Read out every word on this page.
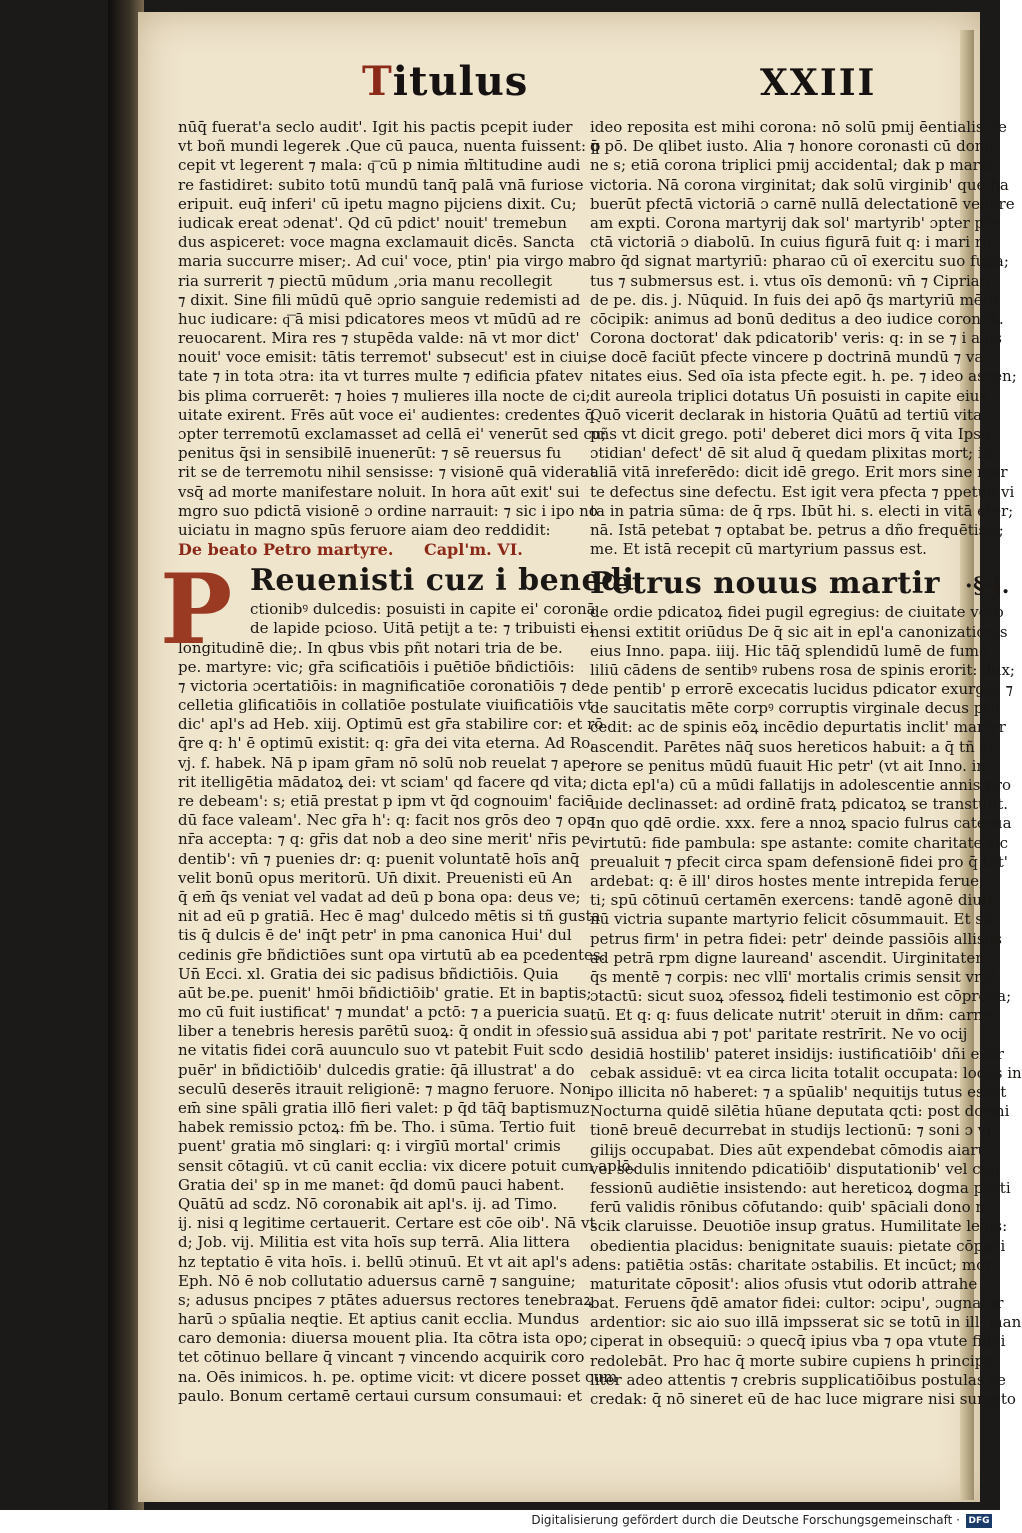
Titulus	XXIII
nūq̄ fuerat'a seclo audit'. Igit his pactis pcepit iuder
vt boñ mundi legerek .Que cū pauca, nuenta fuissent: p
cepit vt legerent ⁊ mala: q͞ cū p nimia m̄ltitudine audi
re fastidiret: subito totū mundū tanq̄ palā vnā furiose
eripuit. euq̄ inferi' cū ipetu magno pijciens dixit. Cu;
iudicak ereat ɔdenat'. Qd cū pdict' nouit' tremebun
dus aspiceret: voce magna exclamauit dicēs. Sancta
maria succurre miser;. Ad cui' voce, ptin' pia virgo ma
ria surrerit ⁊ piectū mūdum ,ɔria manu recollegit
⁊ dixit. Sine fili mūdū quē ɔprio sanguie redemisti ad
huc iudicare: q͞ ā misi pdicatores meos vt mūdū ad re
reuocarent. Mira res ⁊ stupēda valde: nā vt mor dict'
nouit' voce emisit: tātis terremot' subsecut' est in ciui;
tate ⁊ in tota ɔtra: ita vt turres multe ⁊ edificia pfatev
bis plima corruerēt: ⁊ hoies ⁊ mulieres illa nocte de ci;
uitate exirent. Frēs aūt voce ei' audientes: credentes q̄
ɔpter terremotū exclamasset ad cellā ei' venerūt sed cu;
penitus q̄si in sensibilē inuenerūt: ⁊ sē reuersus fu
rit se de terremotu nihil sensisse: ⁊ visionē quā viderat
vsq̄ ad morte manifestare noluit. In hora aūt exit' sui
mgro suo pdictā visionē ɔ ordine narrauit: ⁊ sic i ipo no
uiciatu in magno spūs feruore aiam deo reddidit:
De beato Petro martyre. Capl'm. VI.
P Reuenisti cuz i benedi
ctionibꝰ dulcedis: posuisti in capite ei' coronā
de lapide pcioso. Uitā petijt a te: ⁊ tribuisti ei
longitudinē die;. In qbus vbis pñt notari tria de be.
pe. martyre: vic; gr̄a scificatiōis i puētiōe bñdictiōis:
⁊ victoria ɔcertatiōis: in magnificatiōe coronatiōis ⁊ de
celletia glificatiōis in collatiōe postulate viuificatiōis vt
dic' apl's ad Heb. xiij. Optimū est gr̄a stabilire cor: et rō
q̄re q: h' ē optimū existit: q: gr̄a dei vita eterna. Ad Ro.
vj. f. habek. Nā p ipam gr̄am nō solū nob reuelat ⁊ ape;
rit itelligētia mādatoꝝ dei: vt sciam' qd facere qd vita;
re debeam': s; etiā prestat p ipm vt q̄d cognouim' faciē
dū face valeam'. Nec gr̄a h': q: facit nos grōs deo ⁊ opa
nr̄a accepta: ⁊ q: gr̄is dat nob a deo sine merit' nr̄is pe
dentib': vn̄ ⁊ puenies dr: q: puenit voluntatē hoīs anq̄
velit bonū opus meritorū. Un̄ dixit. Preuenisti eū An
q̄ em̄ q̄s veniat vel vadat ad deū p bona opa: deus ve;
nit ad eū p gratiā. Hec ē mag' dulcedo mētis si tñ gusta
tis q̄ dulcis ē de' inq̄t petr' in pma canonica Hui' dul
cedinis gr̄e bñdictiōes sunt opa virtutū ab ea pcedentes.
Un̄ Ecci. xl. Gratia dei sic padisus bñdictiōis. Quia
aūt be.pe. puenit' hmōi bñdictiōib' gratie. Et in baptis;
mo cū fuit iustificat' ⁊ mundat' a pctō: ⁊ a puericia sua
liber a tenebris heresis parētū suoꝝ: q̄ ondit in ɔfessio
ne vitatis fidei corā auunculo suo vt patebit Fuit scdo
puēr' in bñdictiōib' dulcedis gratie: q̄ā illustrat' a do
seculū deserēs itrauit religionē: ⁊ magno feruore. Non
em̄ sine spāli gratia illō fieri valet: p q̄d tāq̄ baptismuz
habek remissio pctoꝝ: fm̄ be. Tho. i sūma. Tertio fuit
puent' gratia mō singlari: q: i virgīū mortal' crimis
sensit cōtagiū. vt cū canit ecclia: vix dicere potuit cum aplō.
Gratia dei' sp in me manet: q̄d domū pauci habent.
Quātū ad scdz. Nō coronabik ait apl's. ij. ad Timo.
ij. nisi q legitime certauerit. Certare est cōe oib'. Nā vt
d; Job. vij. Militia est vita hoīs sup terrā. Alia littera
hz teptatio ē vita hoīs. i. bellū ɔtinuū. Et vt ait apl's ad
Eph. Nō ē nob collutatio aduersus carnē ⁊ sanguine;
s; adusus pncipes ⁊ ptātes aduersus rectores tenebraꝝ
harū ɔ spūalia neqtie. Et aptius canit ecclia. Mundus
caro demonia: diuersa mouent plia. Ita cōtra ista opo;
tet cōtinuo bellare q̄ vincant ⁊ vincendo acquirik coro
na. Oēs inimicos. h. pe. optime vicit: vt dicere posset cum
paulo. Bonum certamē certaui cursum consumaui: et
ideo reposita est mihi corona: nō solū pmij ēentialis de
q̄ pō. De qlibet iusto. Alia ⁊ honore coronasti cū domi
ne s; etiā corona triplici pmij accidental; dak p maria
victoria. Nā corona virginitat; dak solū virginib' que ha
buerūt pfectā victoriā ɔ carnē nullā delectationē venere
am expti. Corona martyrij dak sol' martyrib' ɔpter pfe
ctā victoriā ɔ diabolū. In cuius figurā fuit q: i mari ru
bro q̄d signat martyriū: pharao cū oī exercitu suo fuga;
tus ⁊ submersus est. i. vtus oīs demonū: vn̄ ⁊ Ciprian'
de pe. dis. j. Nūquid. In fuis dei apō q̄s martyriū mēte
cōcipik: animus ad bonū deditus a deo iudice coronak.
Corona doctorat' dak pdicatorib' veris: q: in se ⁊ i alijs
se docē faciūt pfecte vincere p doctrinā mundū ⁊ va;
nitates eius. Sed oīa ista pfecte egit. h. pe. ⁊ ideo ascen;
dit aureola triplici dotatus Un̄ posuisti in capite eius.
Quō vicerit declarak in historia Quātū ad tertiū vita
pñs vt dicit grego. poti' deberet dici mors q̄ vita Ipse
ɔtidian' defect' dē sit alud q̄ quedam plixitas mort; in
aliā vitā inreferēdo: dicit idē grego. Erit mors sine mor
te defectus sine defectu. Est igit vera pfecta ⁊ ppetua vi
ta in patria sūma: de q̄ rps. Ibūt hi. s. electi in vitā eter;
nā. Istā petebat ⁊ optabat be. petrus a dño frequētissi;
me. Et istā recepit cū martyrium passus est.
Petrus nouus martir ·§·j.
de ordie pdicatoꝝ fidei pugil egregius: de ciuitate vero
nensi extitit oriūdus De q̄ sic ait in epl'a canonizationis
eius Inno. papa. iiij. Hic tāq̄ splendidū lumē de fumo
liliū cādens de sentibꝰ rubens rosa de spinis erorit: dux;
de pentib' p errorē excecatis lucidus pdicator exurgit: ⁊
de saucitatis mēte corpꝰ corruptis virginale decus pro
cedit: ac de spinis eōꝝ incēdio depurtatis inclit' martyr
ascendit. Parētes nāq̄ suos hereticos habuit: a q̄ tñ er
rore se penitus mūdū fuauit Hic petr' (vt ait Inno. in
dicta epl'a) cū a mūdi fallatijs in adolescentie annis pro
uide declinasset: ad ordinē fratꝝ pdicatoꝝ se transtulit.
In quo qdē ordie. xxx. fere a nnoꝝ spacio fulrus caterua
virtutū: fide pambula: spe astante: comite charitate sic
preualuit ⁊ pfecit circa spam defensionē fidei pro q̄ tot'
ardebat: q: ē ill' diros hostes mente intrepida ferue;
ti; spū cōtinuū certamēn exercens: tandē agonē diuti
nū victria supante martyrio felicit cōsummauit. Et sic
petrus firm' in petra fidei: petr' deinde passiōis allisus
ad petrā rpm digne laureand' ascendit. Uirginitatem
q̄s mentē ⁊ corpis: nec vllī' mortalis crimis sensit vrp'
ɔtactū: sicut suoꝝ ɔfessoꝝ fideli testimonio est cōproba;
tū. Et q: q: fuus delicate nutrit' ɔteruit in dñm: carnē
suā assidua abi ⁊ pot' paritate restrīrit. Ne vo ocij
desidiā hostilib' pateret insidijs: iustificatiōib' dñi exer
cebak assiduē: vt ea circa licita totalit occupata: locus in
ipo illicita nō haberet: ⁊ a spūalib' nequitijs tutus esset
Nocturna quidē silētia hūane deputata qcti: post dormi
tionē breuē decurrebat in studijs lectionū: ⁊ soni ɔ vi
gilijs occupabat. Dies aūt expendebat cōmodis aiaru;
vel sedulis innitendo pdicatiōib' disputationib' vel con
fessionū audiētie insistendo: aut hereticoꝝ dogma pesti
ferū validis rōnibus cōfutando: quib' spāciali dono no
scik claruisse. Deuotiōe insup gratus. Humilitate lenis:
obedientia placidus: benignitate suauis: pietate cōpaci
ens: patiētia ɔstās: charitate ɔstabilis. Et incūct; mor;
maturitate cōposit': alios ɔfusis vtut odorib attrahe
bat. Feruens q̄dē amator fidei: cultor: ɔcipu', ɔugnator
ardentior: sic aio suo illā impsserat sic se totū in ill' man
ciperat in obsequiū: ɔ quecq̄ ipius vba ⁊ opa vtute fidei
redolebāt. Pro hac q̄ morte subire cupiens h principa
liter adeo attentis ⁊ crebris supplicatiōibus postulas se
credak: q̄ nō sineret eū de hac luce migrare nisi sumpto
Digitalisierung gefördert durch die Deutsche Forschungsgemeinschaft · DFG
